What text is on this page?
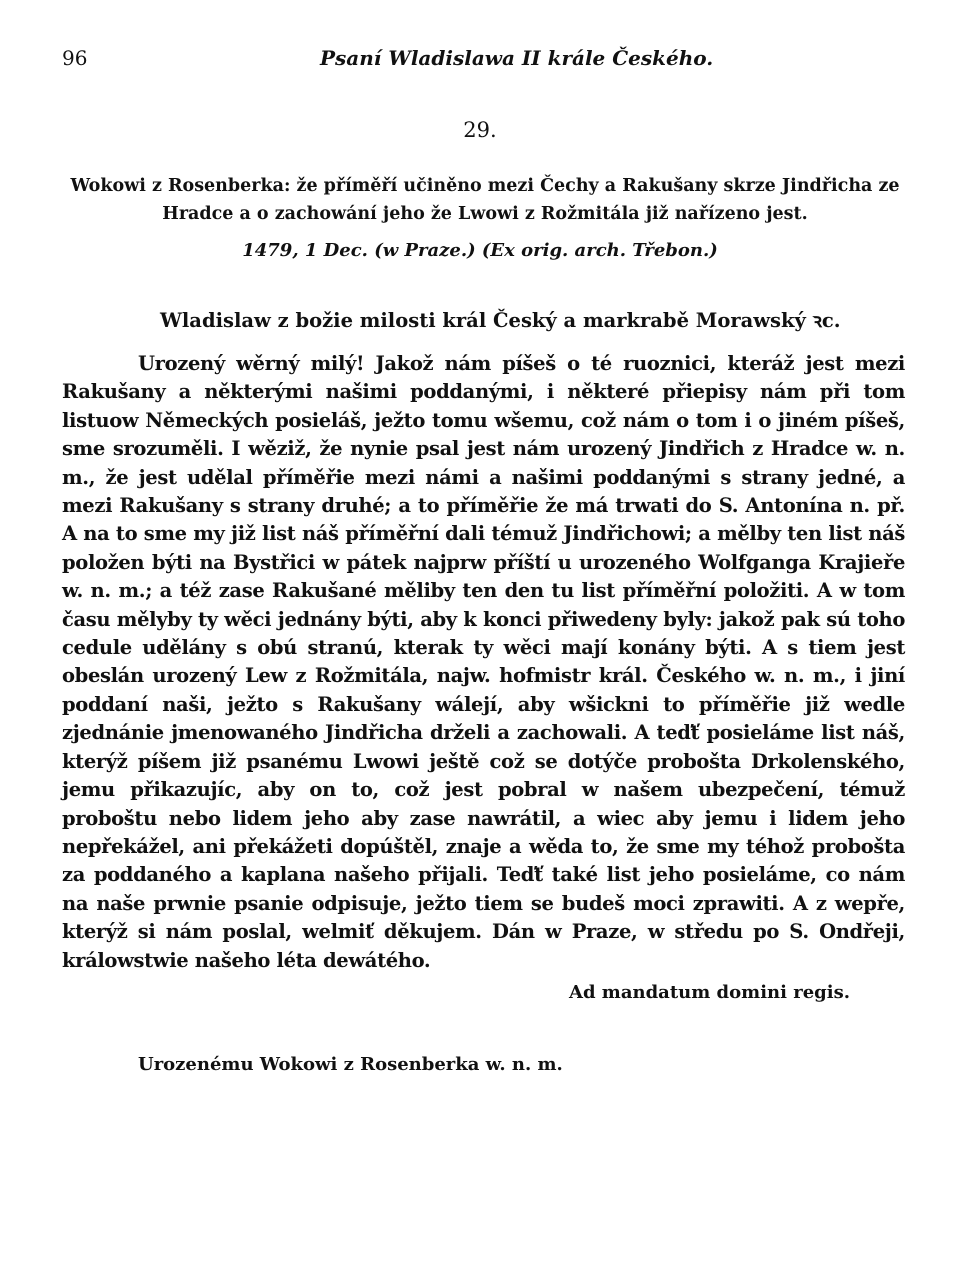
96	Psaní Wladislawa II krále Českého.
29.
Wokowi z Rosenberka: že příměří učiněno mezi Čechy a Rakušany skrze Jindřicha ze Hradce a o zachowání jeho že Lwowi z Rožmitála již nařízeno jest.
1479, 1 Dec. (w Praze.) (Ex orig. arch. Třebon.)
Wladislaw z božie milosti král Český a markrabě Morawský ꝛc.
Urozený wěrný milý! Jakož nám píšeš o té ruoznici, kteráž jest mezi Rakušany a některými našimi poddanými, i některé přiepisy nám při tom listuow Německých posieláš, ježto tomu wšemu, což nám o tom i o jiném píšeš, sme srozuměli. I wěziž, že nynie psal jest nám urozený Jindřich z Hradce w. n. m., že jest udělal příměřie mezi námi a našimi poddanými s strany jedné, a mezi Rakušany s strany druhé; a to příměřie že má trwati do S. Antonína n. př. A na to sme my již list náš příměřní dali témuž Jindřichowi; a mělby ten list náš položen býti na Bystřici w pátek najprw příští u urozeného Wolfganga Krajieře w. n. m.; a též zase Rakušané měliby ten den tu list příměřní položiti. A w tom času mělyby ty wěci jednány býti, aby k konci přiwedeny byly: jakož pak sú toho cedule udělány s obú stranú, kterak ty wěci mají konány býti. A s tiem jest obeslán urozený Lew z Rožmitála, najw. hofmistr král. Českého w. n. m., i jiní poddaní naši, ježto s Rakušany wálejí, aby wšickni to příměřie již wedle zjednánie jmenowaného Jindřicha drželi a zachowali. A teďť posieláme list náš, kterýž píšem již psanému Lwowi ještě což se dotýče probošta Drkolenského, jemu přikazujíc, aby on to, což jest pobral w našem ubezpečení, témuž proboštu nebo lidem jeho aby zase nawrátil, a wiec aby jemu i lidem jeho nepřekážel, ani překážeti dopúštěl, znaje a wěda to, že sme my téhož probošta za poddaného a kaplana našeho přijali. Teďť také list jeho posieláme, co nám na naše prwnie psanie odpisuje, ježto tiem se budeš moci zprawiti. A z wepře, kterýž si nám poslal, welmiť děkujem. Dán w Praze, w středu po S. Ondřeji, králowstwie našeho léta dewátého.
Ad mandatum domini regis.
Urozenému Wokowi z Rosenberka w. n. m.
